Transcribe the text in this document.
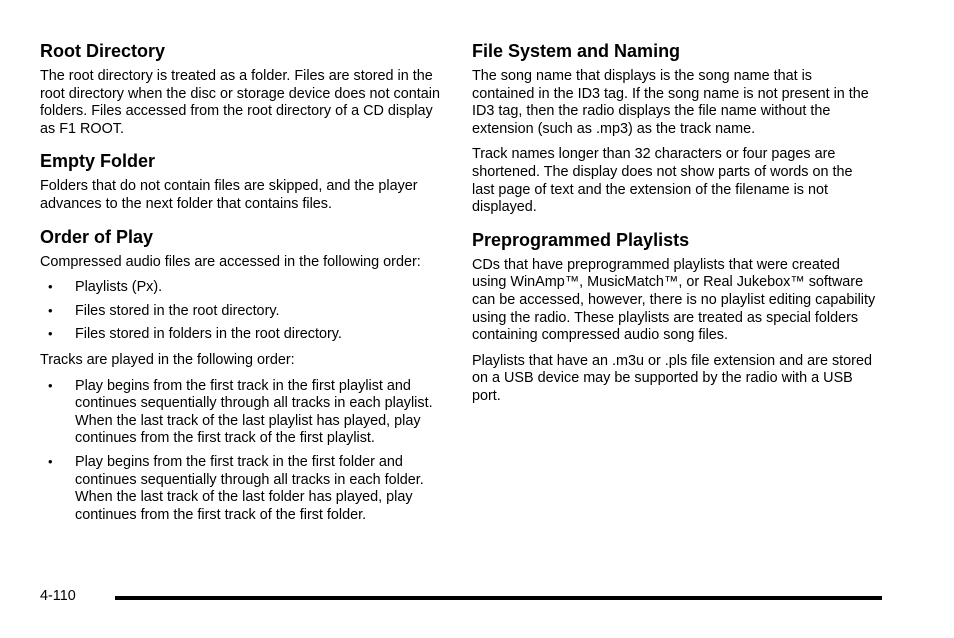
Root Directory

The root directory is treated as a folder. Files are stored in the root directory when the disc or storage device does not contain folders. Files accessed from the root directory of a CD display as F1 ROOT.

Empty Folder

Folders that do not contain files are skipped, and the player advances to the next folder that contains files.

Order of Play

Compressed audio files are accessed in the following order:

• Playlists (Px).
• Files stored in the root directory.
• Files stored in folders in the root directory.

Tracks are played in the following order:

• Play begins from the first track in the first playlist and continues sequentially through all tracks in each playlist. When the last track of the last playlist has played, play continues from the first track of the first playlist.
• Play begins from the first track in the first folder and continues sequentially through all tracks in each folder. When the last track of the last folder has played, play continues from the first track of the first folder.
File System and Naming

The song name that displays is the song name that is contained in the ID3 tag. If the song name is not present in the ID3 tag, then the radio displays the file name without the extension (such as .mp3) as the track name.

Track names longer than 32 characters or four pages are shortened. The display does not show parts of words on the last page of text and the extension of the filename is not displayed.

Preprogrammed Playlists

CDs that have preprogrammed playlists that were created using WinAmp™, MusicMatch™, or Real Jukebox™ software can be accessed, however, there is no playlist editing capability using the radio. These playlists are treated as special folders containing compressed audio song files.

Playlists that have an .m3u or .pls file extension and are stored on a USB device may be supported by the radio with a USB port.

4-110
